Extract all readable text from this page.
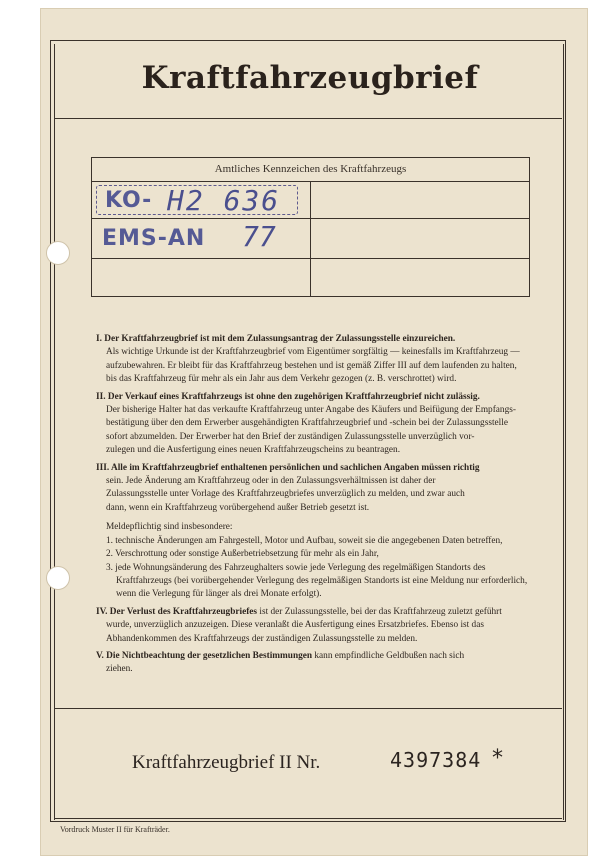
Kraftfahrzeugbrief
Amtliches Kennzeichen des Kraftfahrzeugs
KO- H2 636
EMS-AN 77
I. Der Kraftfahrzeugbrief ist mit dem Zulassungsantrag der Zulassungsstelle einzureichen.
Als wichtige Urkunde ist der Kraftfahrzeugbrief vom Eigentümer sorgfältig — keinesfalls im Kraftfahrzeug —
aufzubewahren. Er bleibt für das Kraftfahrzeug bestehen und ist gemäß Ziffer III auf dem laufenden zu halten,
bis das Kraftfahrzeug für mehr als ein Jahr aus dem Verkehr gezogen (z. B. verschrottet) wird.
II. Der Verkauf eines Kraftfahrzeugs ist ohne den zugehörigen Kraftfahrzeugbrief nicht zulässig.
Der bisherige Halter hat das verkaufte Kraftfahrzeug unter Angabe des Käufers und Beifügung der Empfangs-
bestätigung über den dem Erwerber ausgehändigten Kraftfahrzeugbrief und -schein bei der Zulassungsstelle
sofort abzumelden. Der Erwerber hat den Brief der zuständigen Zulassungsstelle unverzüglich vor-
zulegen und die Ausfertigung eines neuen Kraftfahrzeugscheins zu beantragen.
III. Alle im Kraftfahrzeugbrief enthaltenen persönlichen und sachlichen Angaben müssen richtig
sein. Jede Änderung am Kraftfahrzeug oder in den Zulassungsverhältnissen ist daher der
Zulassungsstelle unter Vorlage des Kraftfahrzeugbriefes unverzüglich zu melden, und zwar auch
dann, wenn ein Kraftfahrzeug vorübergehend außer Betrieb gesetzt ist.
Meldepflichtig sind insbesondere:
1. technische Änderungen am Fahrgestell, Motor und Aufbau, soweit sie die angegebenen Daten betreffen,
2. Verschrottung oder sonstige Außerbetriebsetzung für mehr als ein Jahr,
3. jede Wohnungsänderung des Fahrzeughalters sowie jede Verlegung des regelmäßigen Standorts des
Kraftfahrzeugs (bei vorübergehender Verlegung des regelmäßigen Standorts ist eine Meldung nur erforderlich,
wenn die Verlegung für länger als drei Monate erfolgt).
IV. Der Verlust des Kraftfahrzeugbriefes ist der Zulassungsstelle, bei der das Kraftfahrzeug zuletzt geführt
wurde, unverzüglich anzuzeigen. Diese veranlaßt die Ausfertigung eines Ersatzbriefes. Ebenso ist das
Abhandenkommen des Kraftfahrzeugs der zuständigen Zulassungsstelle zu melden.
V. Die Nichtbeachtung der gesetzlichen Bestimmungen kann empfindliche Geldbußen nach sich
ziehen.
Kraftfahrzeugbrief II Nr.	4397384 *
Vordruck Muster II für Krafträder.
